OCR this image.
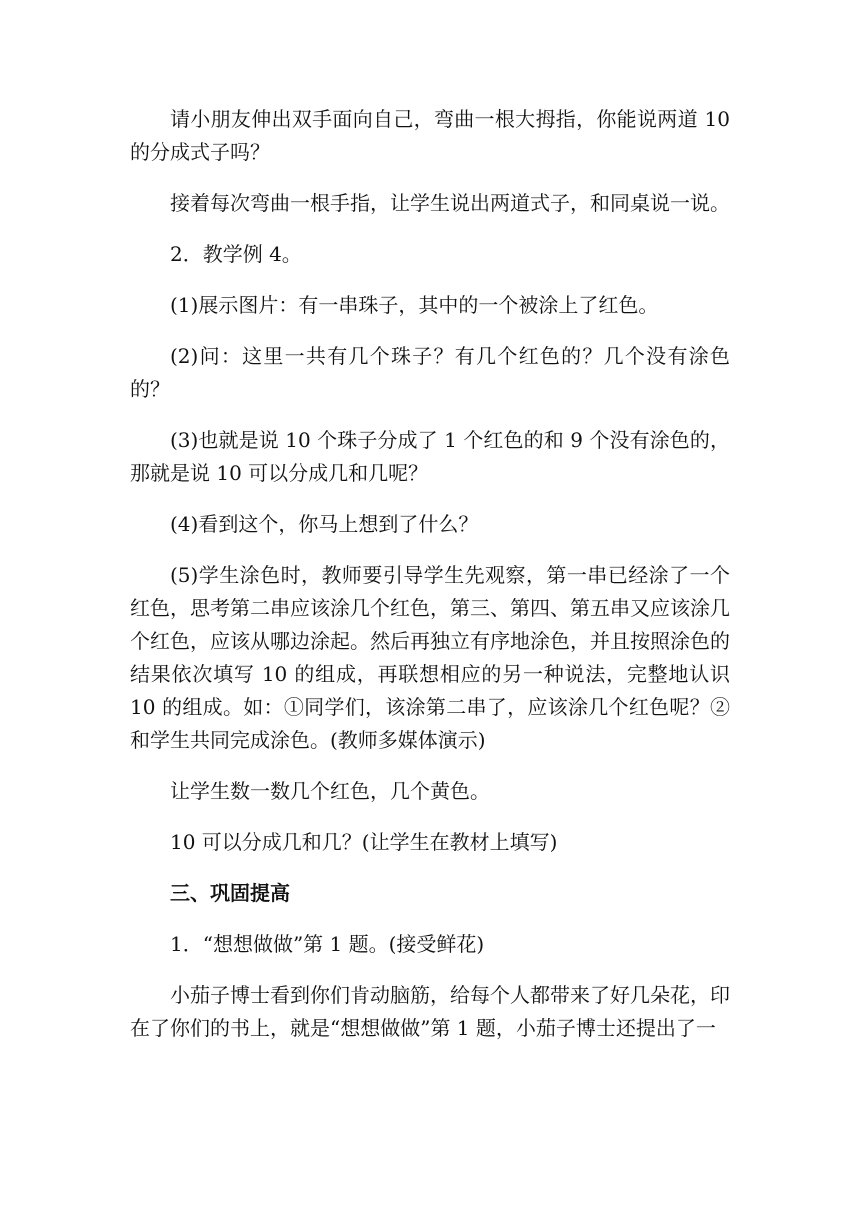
请小朋友伸出双手面向自己，弯曲一根大拇指，你能说两道 10 的分成式子吗？

接着每次弯曲一根手指，让学生说出两道式子，和同桌说一说。

2．教学例 4。

(1)展示图片：有一串珠子，其中的一个被涂上了红色。

(2)问：这里一共有几个珠子？有几个红色的？几个没有涂色的？

(3)也就是说 10 个珠子分成了 1 个红色的和 9 个没有涂色的，那就是说 10 可以分成几和几呢？

(4)看到这个，你马上想到了什么？

(5)学生涂色时，教师要引导学生先观察，第一串已经涂了一个红色，思考第二串应该涂几个红色，第三、第四、第五串又应该涂几个红色，应该从哪边涂起。然后再独立有序地涂色，并且按照涂色的结果依次填写 10 的组成，再联想相应的另一种说法，完整地认识 10 的组成。如：①同学们，该涂第二串了，应该涂几个红色呢？②和学生共同完成涂色。(教师多媒体演示)

让学生数一数几个红色，几个黄色。

10 可以分成几和几？(让学生在教材上填写)

三、巩固提高

1．“想想做做”第 1 题。(接受鲜花)

小茄子博士看到你们肯动脑筋，给每个人都带来了好几朵花，印在了你们的书上，就是“想想做做”第 1 题，小茄子博士还提出了一
